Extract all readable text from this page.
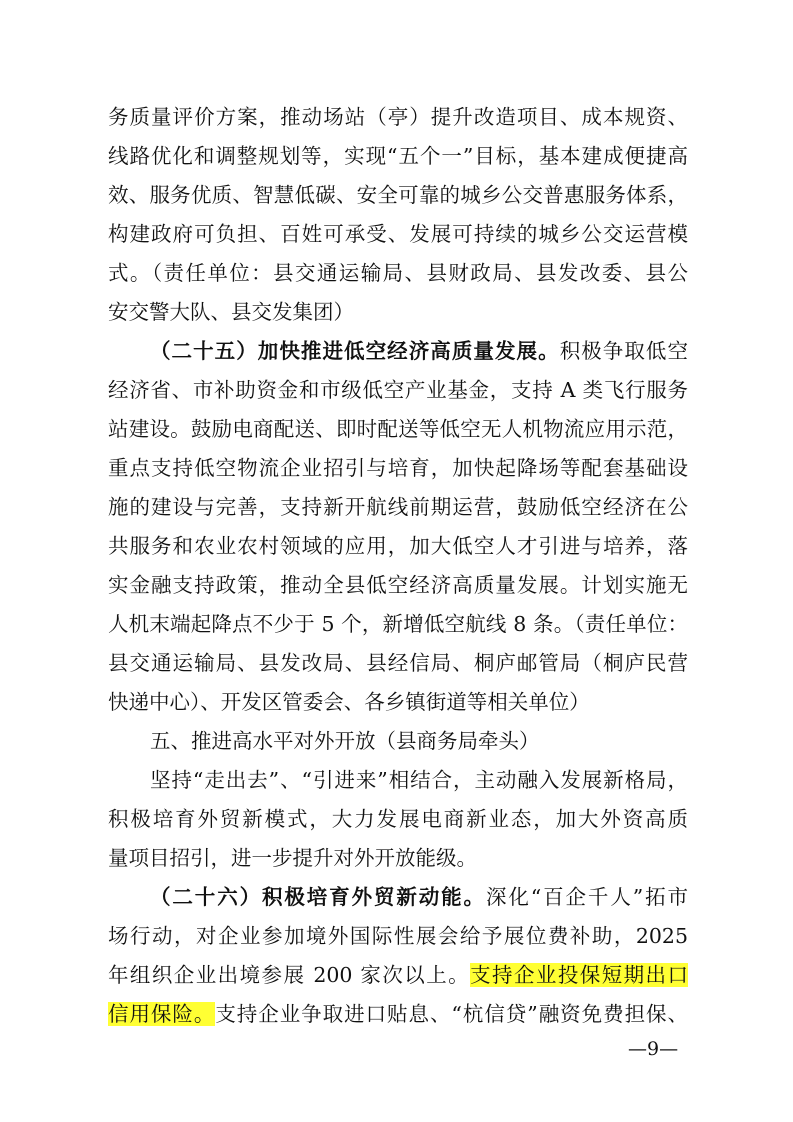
务质量评价方案，推动场站（亭）提升改造项目、成本规资、
线路优化和调整规划等，实现“五个一”目标，基本建成便捷高
效、服务优质、智慧低碳、安全可靠的城乡公交普惠服务体系，
构建政府可负担、百姓可承受、发展可持续的城乡公交运营模
式。（责任单位：县交通运输局、县财政局、县发改委、县公
安交警大队、县交发集团）
（二十五）加快推进低空经济高质量发展。积极争取低空
经济省、市补助资金和市级低空产业基金，支持 A 类飞行服务
站建设。鼓励电商配送、即时配送等低空无人机物流应用示范，
重点支持低空物流企业招引与培育，加快起降场等配套基础设
施的建设与完善，支持新开航线前期运营，鼓励低空经济在公
共服务和农业农村领域的应用，加大低空人才引进与培养，落
实金融支持政策，推动全县低空经济高质量发展。计划实施无
人机末端起降点不少于 5 个，新增低空航线 8 条。（责任单位：
县交通运输局、县发改局、县经信局、桐庐邮管局（桐庐民营
快递中心）、开发区管委会、各乡镇街道等相关单位）
五、推进高水平对外开放（县商务局牵头）
坚持“走出去”、“引进来”相结合，主动融入发展新格局，
积极培育外贸新模式，大力发展电商新业态，加大外资高质
量项目招引，进一步提升对外开放能级。
（二十六）积极培育外贸新动能。深化“百企千人”拓市
场行动，对企业参加境外国际性展会给予展位费补助，2025
年组织企业出境参展 200 家次以上。支持企业投保短期出口
信用保险。支持企业争取进口贴息、“杭信贷”融资免费担保、
—9—
